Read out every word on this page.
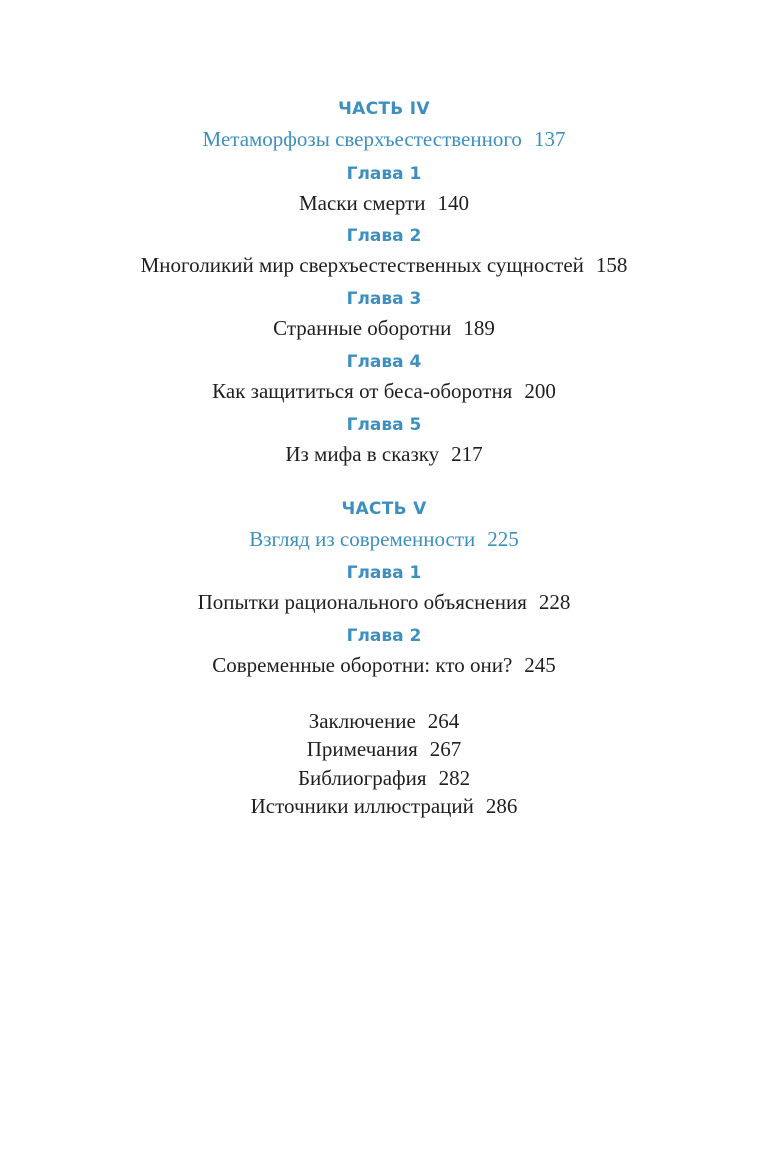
ЧАСТЬ IV
Метаморфозы сверхъестественного 137
Глава 1
Маски смерти 140
Глава 2
Многоликий мир сверхъестественных сущностей 158
Глава 3
Странные оборотни 189
Глава 4
Как защититься от беса-оборотня 200
Глава 5
Из мифа в сказку 217
ЧАСТЬ V
Взгляд из современности 225
Глава 1
Попытки рационального объяснения 228
Глава 2
Современные оборотни: кто они? 245
Заключение 264
Примечания 267
Библиография 282
Источники иллюстраций 286
